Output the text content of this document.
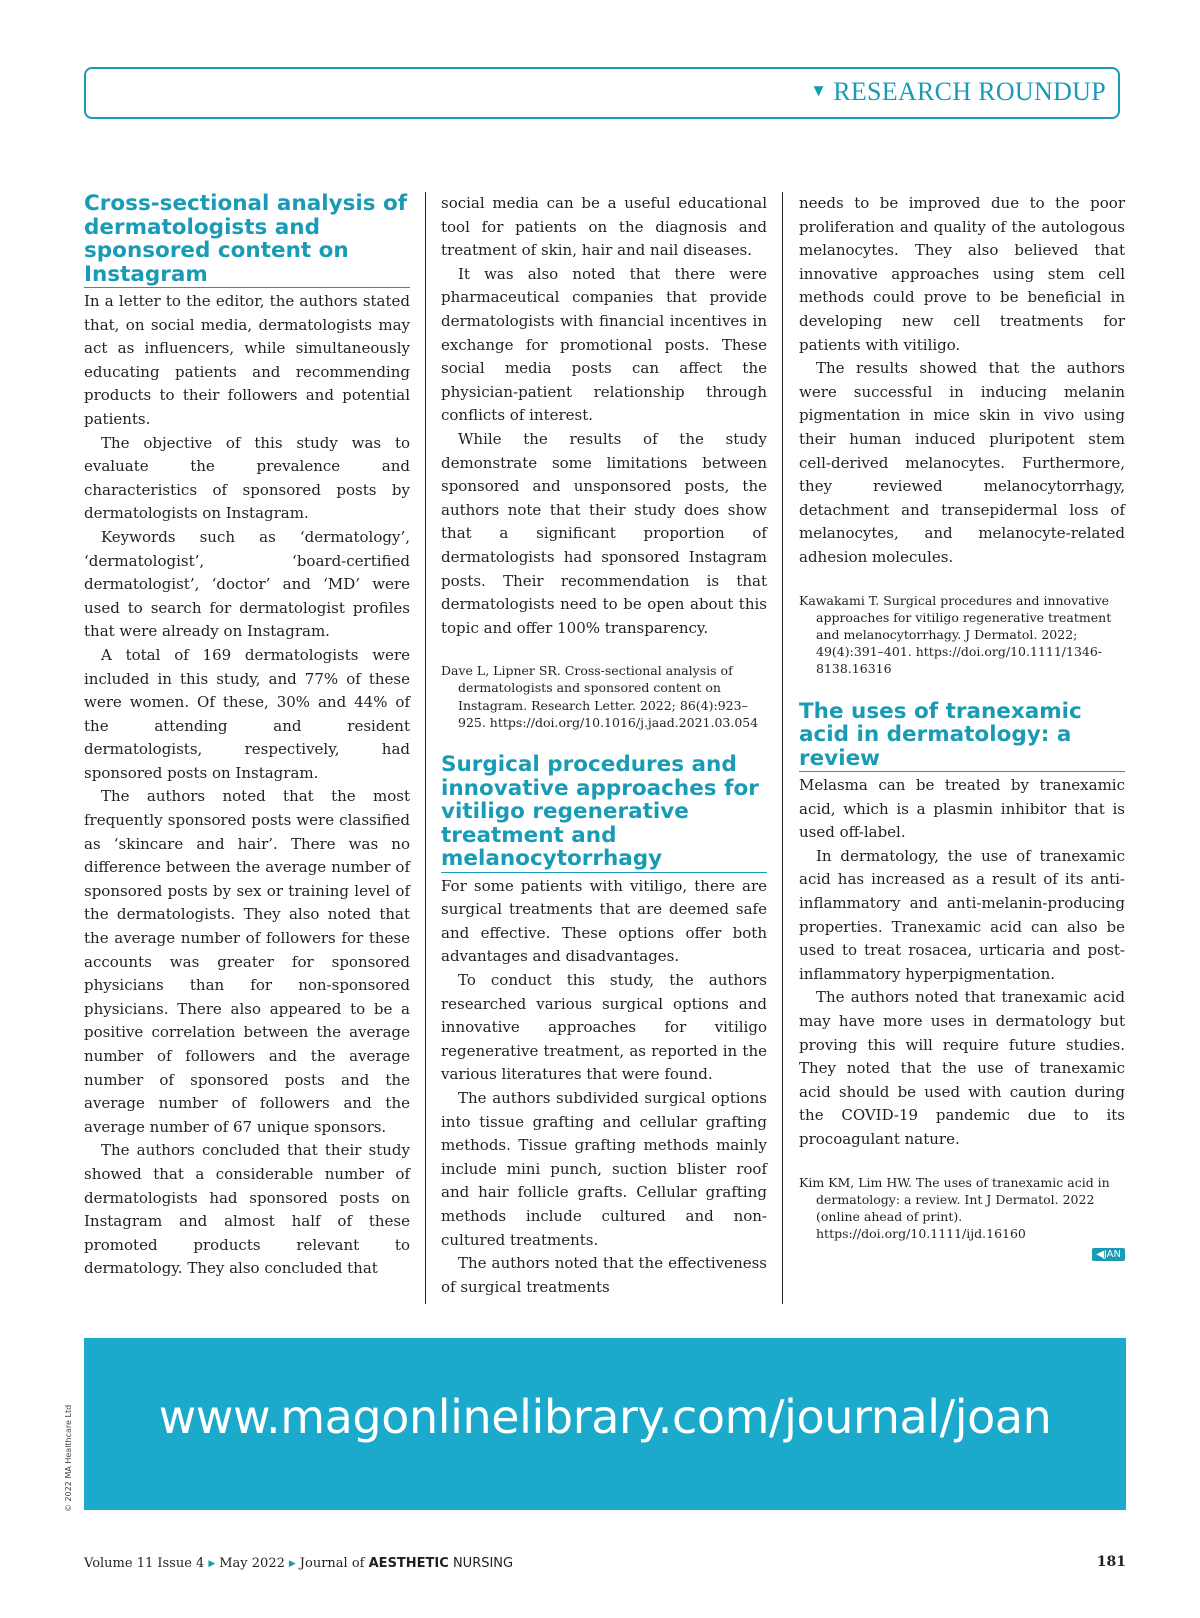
▼ RESEARCH ROUNDUP
Cross-sectional analysis of dermatologists and sponsored content on Instagram

In a letter to the editor, the authors stated that, on social media, dermatologists may act as influencers, while simultaneously educating patients and recommending products to their followers and potential patients.

The objective of this study was to evaluate the prevalence and characteristics of sponsored posts by dermatologists on Instagram.

Keywords such as ‘dermatology’, ‘dermatologist’, ‘board-certified dermatologist’, ‘doctor’ and ‘MD’ were used to search for dermatologist profiles that were already on Instagram.

A total of 169 dermatologists were included in this study, and 77% of these were women. Of these, 30% and 44% of the attending and resident dermatologists, respectively, had sponsored posts on Instagram.

The authors noted that the most frequently sponsored posts were classified as ‘skincare and hair’. There was no difference between the average number of sponsored posts by sex or training level of the dermatologists. They also noted that the average number of followers for these accounts was greater for sponsored physicians than for non-sponsored physicians. There also appeared to be a positive correlation between the average number of followers and the average number of sponsored posts and the average number of followers and the average number of 67 unique sponsors.

The authors concluded that their study showed that a considerable number of dermatologists had sponsored posts on Instagram and almost half of these promoted products relevant to dermatology. They also concluded that

social media can be a useful educational tool for patients on the diagnosis and treatment of skin, hair and nail diseases.

It was also noted that there were pharmaceutical companies that provide dermatologists with financial incentives in exchange for promotional posts. These social media posts can affect the physician-patient relationship through conflicts of interest.

While the results of the study demonstrate some limitations between sponsored and unsponsored posts, the authors note that their study does show that a significant proportion of dermatologists had sponsored Instagram posts. Their recommendation is that dermatologists need to be open about this topic and offer 100% transparency.

Dave L, Lipner SR. Cross-sectional analysis of dermatologists and sponsored content on Instagram. Research Letter. 2022; 86(4):923–925. https://doi.org/10.1016/j.jaad.2021.03.054

Surgical procedures and innovative approaches for vitiligo regenerative treatment and melanocytorrhagy

For some patients with vitiligo, there are surgical treatments that are deemed safe and effective. These options offer both advantages and disadvantages.

To conduct this study, the authors researched various surgical options and innovative approaches for vitiligo regenerative treatment, as reported in the various literatures that were found.

The authors subdivided surgical options into tissue grafting and cellular grafting methods. Tissue grafting methods mainly include mini punch, suction blister roof and hair follicle grafts. Cellular grafting methods include cultured and non-cultured treatments.

The authors noted that the effectiveness of surgical treatments

needs to be improved due to the poor proliferation and quality of the autologous melanocytes. They also believed that innovative approaches using stem cell methods could prove to be beneficial in developing new cell treatments for patients with vitiligo.

The results showed that the authors were successful in inducing melanin pigmentation in mice skin in vivo using their human induced pluripotent stem cell-derived melanocytes. Furthermore, they reviewed melanocytorrhagy, detachment and transepidermal loss of melanocytes, and melanocyte-related adhesion molecules.

Kawakami T. Surgical procedures and innovative approaches for vitiligo regenerative treatment and melanocytorrhagy. J Dermatol. 2022; 49(4):391–401. https://doi.org/10.1111/1346-8138.16316

The uses of tranexamic acid in dermatology: a review

Melasma can be treated by tranexamic acid, which is a plasmin inhibitor that is used off-label.

In dermatology, the use of tranexamic acid has increased as a result of its anti-inflammatory and anti-melanin-producing properties. Tranexamic acid can also be used to treat rosacea, urticaria and post-inflammatory hyperpigmentation.

The authors noted that tranexamic acid may have more uses in dermatology but proving this will require future studies. They noted that the use of tranexamic acid should be used with caution during the COVID-19 pandemic due to its procoagulant nature.

Kim KM, Lim HW. The uses of tranexamic acid in dermatology: a review. Int J Dermatol. 2022 (online ahead of print). https://doi.org/10.1111/ijd.16160

◀JAN
www.magonlinelibrary.com/journal/joan
© 2022 MA Healthcare Ltd
Volume 11 Issue 4 ▶ May 2022 ▶ Journal of AESTHETIC NURSING	181
